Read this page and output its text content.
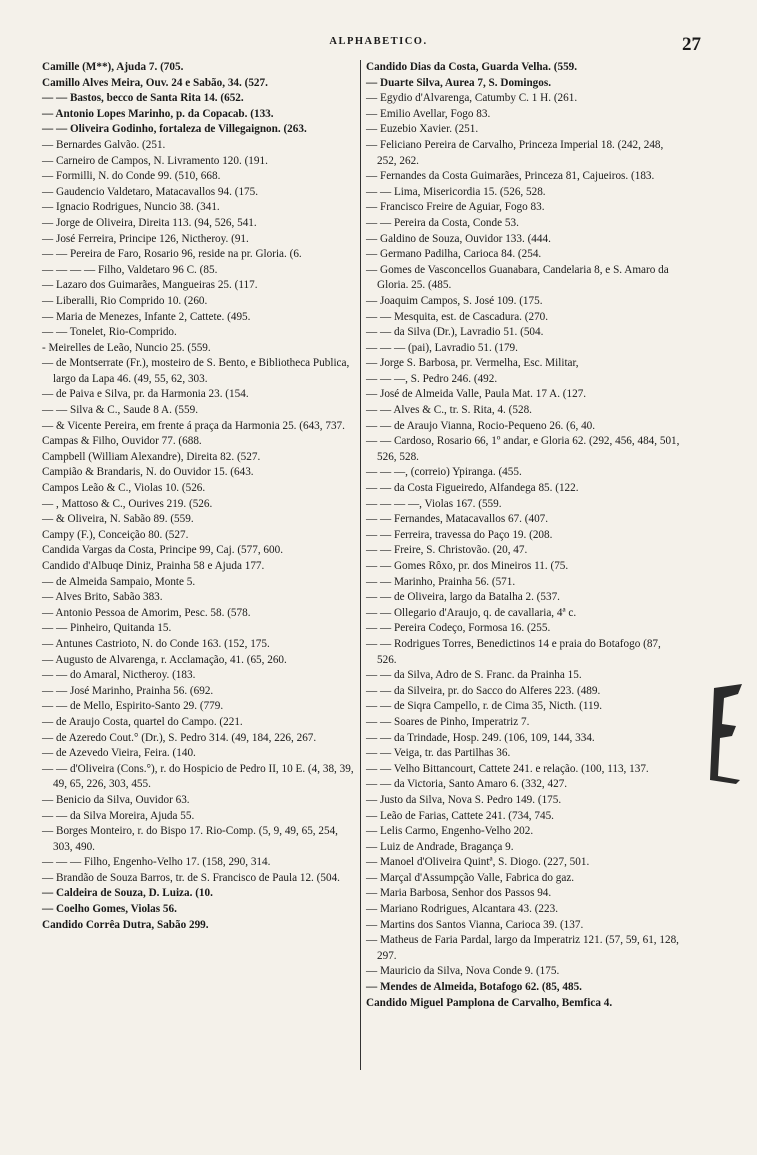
ALPHABETICO.	27
Camille (M**), Ajuda 7. (705.
Camillo Alves Meira, Ouv. 24 e Sabão, 34. (527.
— — Bastos, becco de Santa Rita 14. (652.
— Antonio Lopes Marinho, p. da Copacab. (133.
— — Oliveira Godinho, fortaleza de Villegaignon. (263.
— Bernardes Galvão. (251.
— Carneiro de Campos, N. Livramento 120. (191.
— Formilli, N. do Conde 99. (510, 668.
— Gaudencio Valdetaro, Matacavallos 94. (175.
— Ignacio Rodrigues, Nuncio 38. (341.
— Jorge de Oliveira, Direita 113. (94, 526, 541.
— José Ferreira, Principe 126, Nictheroy. (91.
— — Pereira de Faro, Rosario 96, reside na pr. Gloria. (6.
— — — — Filho, Valdetaro 96 C. (85.
— Lazaro dos Guimarães, Mangueiras 25. (117.
— Liberalli, Rio Comprido 10. (260.
— Maria de Menezes, Infante 2, Cattete. (495.
— — Tonelet, Rio-Comprido.
- Meirelles de Leão, Nuncio 25. (559.
— de Montserrate (Fr.), mosteiro de S. Bento, e Bibliotheca Publica, largo da Lapa 46. (49, 55, 62, 303.
— de Paiva e Silva, pr. da Harmonia 23. (154.
— — Silva & C., Saude 8 A. (559.
— & Vicente Pereira, em frente á praça da Harmonia 25. (643, 737.
Campas & Filho, Ouvidor 77. (688.
Campbell (William Alexandre), Direita 82. (527.
Campião & Brandaris, N. do Ouvidor 15. (643.
Campos Leão & C., Violas 10. (526.
— , Mattoso & C., Ourives 219. (526.
— & Oliveira, N. Sabão 89. (559.
Campy (F.), Conceição 80. (527.
Candida Vargas da Costa, Principe 99, Caj. (577, 600.
Candido d'Albuqe Diniz, Prainha 58 e Ajuda 177.
— de Almeida Sampaio, Monte 5.
— Alves Brito, Sabão 383.
— Antonio Pessoa de Amorim, Pesc. 58. (578.
— — Pinheiro, Quitanda 15.
— Antunes Castrioto, N. do Conde 163. (152, 175.
— Augusto de Alvarenga, r. Acclamação, 41. (65, 260.
— — do Amaral, Nictheroy. (183.
— — José Marinho, Prainha 56. (692.
— — de Mello, Espirito-Santo 29. (779.
— de Araujo Costa, quartel do Campo. (221.
— de Azeredo Cout.° (Dr.), S. Pedro 314. (49, 184, 226, 267.
— de Azevedo Vieira, Feira. (140.
— — d'Oliveira (Cons.°), r. do Hospicio de Pedro II, 10 E. (4, 38, 39, 49, 65, 226, 303, 455.
— Benicio da Silva, Ouvidor 63.
— — da Silva Moreira, Ajuda 55.
— Borges Monteiro, r. do Bispo 17. Rio-Comp. (5, 9, 49, 65, 254, 303, 490.
— — — Filho, Engenho-Velho 17. (158, 290, 314.
— Brandão de Souza Barros, tr. de S. Francisco de Paula 12. (504.
— Caldeira de Souza, D. Luiza. (10.
— Coelho Gomes, Violas 56.
Candido Corrêa Dutra, Sabão 299.
Candido Dias da Costa, Guarda Velha. (559.
— Duarte Silva, Aurea 7, S. Domingos.
— Egydio d'Alvarenga, Catumby C. 1 H. (261.
— Emilio Avellar, Fogo 83.
— Euzebio Xavier. (251.
— Feliciano Pereira de Carvalho, Princeza Imperial 18. (242, 248, 252, 262.
— Fernandes da Costa Guimarães, Princeza 81, Cajueiros. (183.
— — Lima, Misericordia 15. (526, 528.
— Francisco Freire de Aguiar, Fogo 83.
— — Pereira da Costa, Conde 53.
— Galdino de Souza, Ouvidor 133. (444.
— Germano Padilha, Carioca 84. (254.
— Gomes de Vasconcellos Guanabara, Candelaria 8, e S. Amaro da Gloria. 25. (485.
— Joaquim Campos, S. José 109. (175.
— — Mesquita, est. de Cascadura. (270.
— — da Silva (Dr.), Lavradio 51. (504.
— — — (pai), Lavradio 51. (179.
— Jorge S. Barbosa, pr. Vermelha, Esc. Militar,
— — —, S. Pedro 246. (492.
— José de Almeida Valle, Paula Mat. 17 A. (127.
— — Alves & C., tr. S. Rita, 4. (528.
— — de Araujo Vianna, Rocio-Pequeno 26. (6, 40.
— — Cardoso, Rosario 66, 1º andar, e Gloria 62. (292, 456, 484, 501, 526, 528.
— — —, (correio) Ypiranga. (455.
— — da Costa Figueiredo, Alfandega 85. (122.
— — — —, Violas 167. (559.
— — Fernandes, Matacavallos 67. (407.
— — Ferreira, travessa do Paço 19. (208.
— — Freire, S. Christovão. (20, 47.
— — Gomes Rôxo, pr. dos Mineiros 11. (75.
— — Marinho, Prainha 56. (571.
— — de Oliveira, largo da Batalha 2. (537.
— — Ollegario d'Araujo, q. de cavallaria, 4ª c.
— — Pereira Codeço, Formosa 16. (255.
— — Rodrigues Torres, Benedictinos 14 e praia do Botafogo (87, 526.
— — da Silva, Adro de S. Franc. da Prainha 15.
— — da Silveira, pr. do Sacco do Alferes 223. (489.
— — de Siqra Campello, r. de Cima 35, Nicth. (119.
— — Soares de Pinho, Imperatriz 7.
— — da Trindade, Hosp. 249. (106, 109, 144, 334.
— — Veiga, tr. das Partilhas 36.
— — Velho Bittancourt, Cattete 241. e relação. (100, 113, 137.
— — da Victoria, Santo Amaro 6. (332, 427.
— Justo da Silva, Nova S. Pedro 149. (175.
— Leão de Farias, Cattete 241. (734, 745.
— Lelis Carmo, Engenho-Velho 202.
— Luiz de Andrade, Bragança 9.
— Manoel d'Oliveira Quintª, S. Diogo. (227, 501.
— Marçal d'Assumpção Valle, Fabrica do gaz.
— Maria Barbosa, Senhor dos Passos 94.
— Mariano Rodrigues, Alcantara 43. (223.
— Martins dos Santos Vianna, Carioca 39. (137.
— Matheus de Faria Pardal, largo da Imperatriz 121. (57, 59, 61, 128, 297.
— Mauricio da Silva, Nova Conde 9. (175.
— Mendes de Almeida, Botafogo 62. (85, 485.
Candido Miguel Pamplona de Carvalho, Bemfica 4.
